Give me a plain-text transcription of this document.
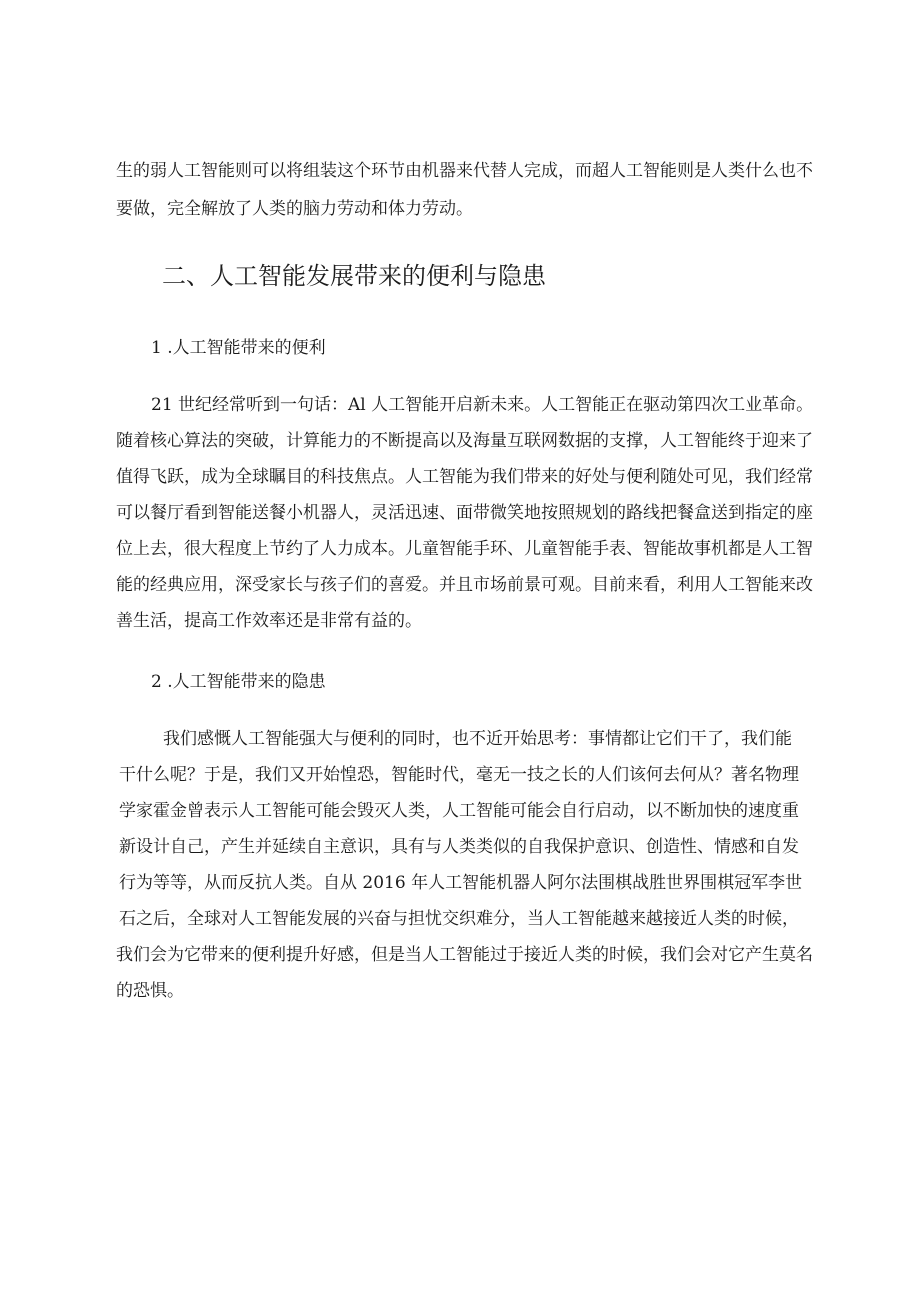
生的弱人工智能则可以将组装这个环节由机器来代替人完成，而超人工智能则是人类什么也不
要做，完全解放了人类的脑力劳动和体力劳动。
二、人工智能发展带来的便利与隐患
1 .人工智能带来的便利
21 世纪经常听到一句话：Al 人工智能开启新未来。人工智能正在驱动第四次工业革命。
随着核心算法的突破，计算能力的不断提高以及海量互联网数据的支撑，人工智能终于迎来了
值得飞跃，成为全球瞩目的科技焦点。人工智能为我们带来的好处与便利随处可见，我们经常
可以餐厅看到智能送餐小机器人，灵活迅速、面带微笑地按照规划的路线把餐盒送到指定的座
位上去，很大程度上节约了人力成本。儿童智能手环、儿童智能手表、智能故事机都是人工智
能的经典应用，深受家长与孩子们的喜爱。并且市场前景可观。目前来看，利用人工智能来改
善生活，提高工作效率还是非常有益的。
2 .人工智能带来的隐患
我们感慨人工智能强大与便利的同时，也不近开始思考：事情都让它们干了，我们能
干什么呢？于是，我们又开始惶恐，智能时代，毫无一技之长的人们该何去何从？著名物理
学家霍金曾表示人工智能可能会毁灭人类，人工智能可能会自行启动，以不断加快的速度重
新设计自己，产生并延续自主意识，具有与人类类似的自我保护意识、创造性、情感和自发
行为等等，从而反抗人类。自从 2016 年人工智能机器人阿尔法围棋战胜世界围棋冠军李世
石之后，全球对人工智能发展的兴奋与担忧交织难分，当人工智能越来越接近人类的时候，
我们会为它带来的便利提升好感，但是当人工智能过于接近人类的时候，我们会对它产生莫名
的恐惧。
